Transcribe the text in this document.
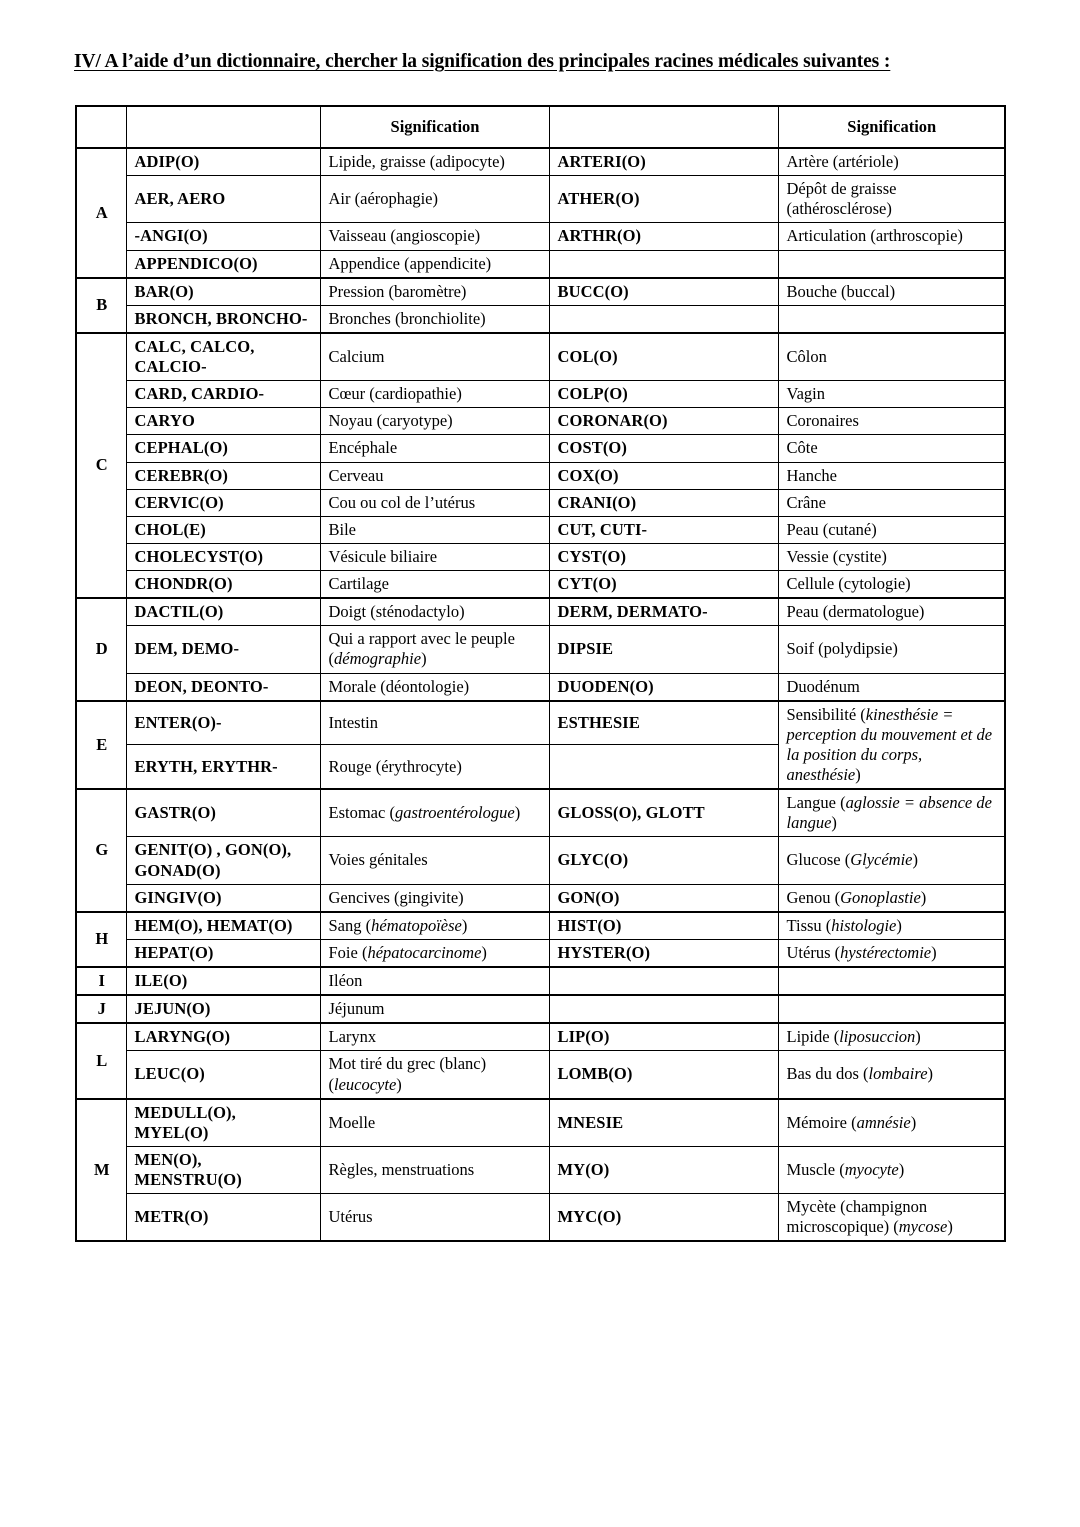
IV/ A l’aide d’un dictionnaire, chercher la signification des principales racines médicales suivantes :
		Signification		Signification
A	ADIP(O)	Lipide, graisse (adipocyte)	ARTERI(O)	Artère (artériole)
	AER, AERO	Air (aérophagie)	ATHER(O)	Dépôt de graisse (athérosclérose)
	-ANGI(O)	Vaisseau (angioscopie)	ARTHR(O)	Articulation (arthroscopie)
	APPENDICO(O)	Appendice (appendicite)		
B	BAR(O)	Pression (baromètre)	BUCC(O)	Bouche (buccal)
	BRONCH, BRONCHO-	Bronches (bronchiolite)		
C	CALC, CALCO, CALCIO-	Calcium	COL(O)	Côlon
	CARD, CARDIO-	Cœur (cardiopathie)	COLP(O)	Vagin
	CARYO	Noyau (caryotype)	CORONAR(O)	Coronaires
	CEPHAL(O)	Encéphale	COST(O)	Côte
	CEREBR(O)	Cerveau	COX(O)	Hanche
	CERVIC(O)	Cou ou col de l’utérus	CRANI(O)	Crâne
	CHOL(E)	Bile	CUT, CUTI-	Peau (cutané)
	CHOLECYST(O)	Vésicule biliaire	CYST(O)	Vessie (cystite)
	CHONDR(O)	Cartilage	CYT(O)	Cellule (cytologie)
D	DACTIL(O)	Doigt (sténodactylo)	DERM, DERMATO-	Peau (dermatologue)
	DEM, DEMO-	Qui a rapport avec le peuple (démographie)	DIPSIE	Soif (polydipsie)
	DEON, DEONTO-	Morale (déontologie)	DUODEN(O)	Duodénum
E	ENTER(O)-	Intestin	ESTHESIE	Sensibilité (kinesthésie = perception du mouvement et de la position du corps, anesthésie)
	ERYTH, ERYTHR-	Rouge (érythrocyte)		
G	GASTR(O)	Estomac (gastroentérologue)	GLOSS(O), GLOTT	Langue (aglossie = absence de langue)
	GENIT(O) , GON(O), GONAD(O)	Voies génitales	GLYC(O)	Glucose (Glycémie)
	GINGIV(O)	Gencives (gingivite)	GON(O)	Genou (Gonoplastie)
H	HEM(O), HEMAT(O)	Sang (hématopoïèse)	HIST(O)	Tissu (histologie)
	HEPAT(O)	Foie (hépatocarcinome)	HYSTER(O)	Utérus (hystérectomie)
I	ILE(O)	Iléon		
J	JEJUN(O)	Jéjunum		
L	LARYNG(O)	Larynx	LIP(O)	Lipide (liposuccion)
	LEUC(O)	Mot tiré du grec (blanc) (leucocyte)	LOMB(O)	Bas du dos (lombaire)
M	MEDULL(O), MYEL(O)	Moelle	MNESIE	Mémoire (amnésie)
	MEN(O), MENSTRU(O)	Règles, menstruations	MY(O)	Muscle (myocyte)
	METR(O)	Utérus	MYC(O)	Mycète (champignon microscopique) (mycose)
